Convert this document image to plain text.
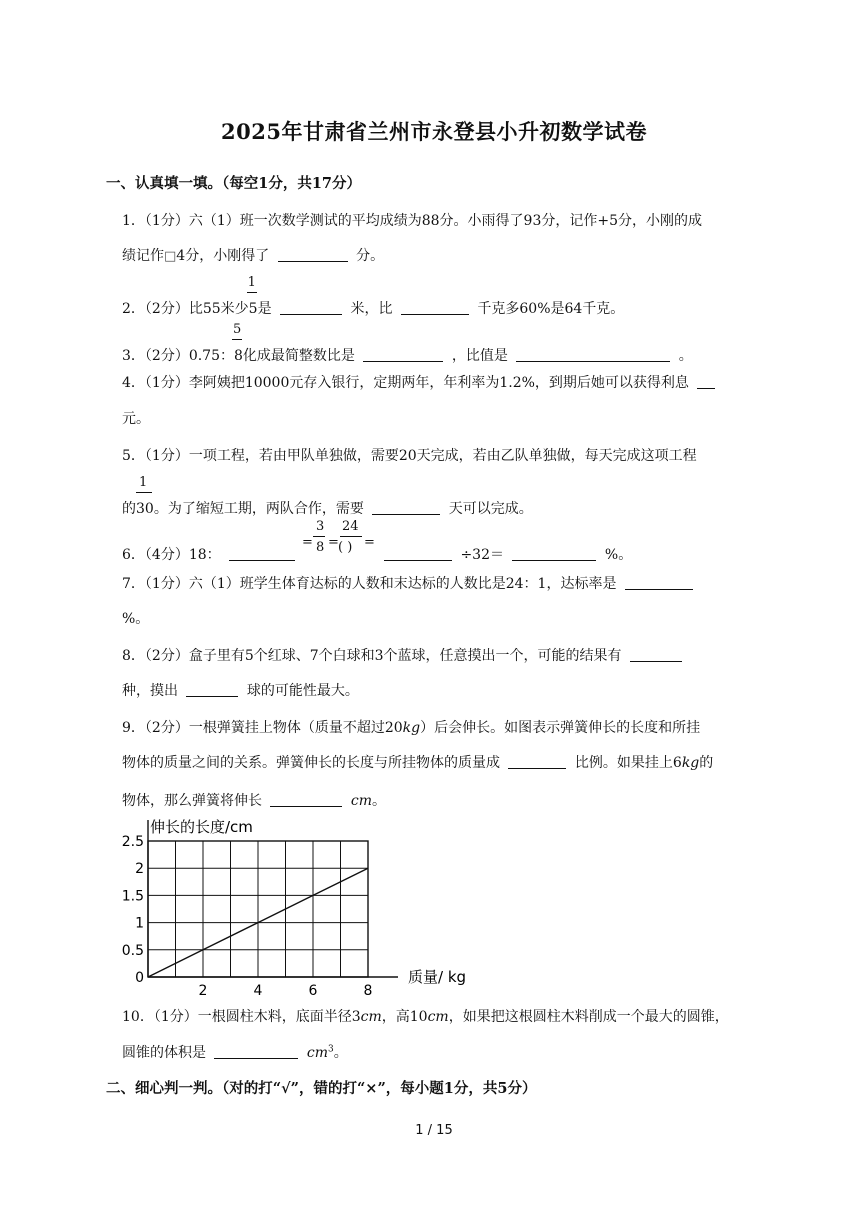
2025年甘肃省兰州市永登县小升初数学试卷
一、认真填一填。（每空1分，共17分）
1．（1分）六（1）班一次数学测试的平均成绩为88分。小雨得了93分，记作+5分，小刚的成
绩记作□4分，小刚得了	分。
2．（2分）比55米少 $\frac{1}{5}$是	米，比	千克多60%是64千克。
3．（2分）0.75： $\frac{5}{8}$化成最简整数比是	，比值是	。
4．（1分）李阿姨把10000元存入银行，定期两年，年利率为1.2%，到期后她可以获得利息
元。
5．（1分）一项工程，若由甲队单独做，需要20天完成，若由乙队单独做，每天完成这项工程
的 $\frac{1}{30}$。为了缩短工期，两队合作，需要	天可以完成。
6．（4分）18：
=
3
8 =
24
( ) =
÷32＝	%。
7．（1分）六（1）班学生体育达标的人数和末达标的人数比是24：1，达标率是
%。
8．（2分）盒子里有5个红球、7个白球和3个蓝球，任意摸出一个，可能的结果有
种，摸出	球的可能性最大。
9．（2分）一根弹簧挂上物体（质量不超过20kg）后会伸长。如图表示弹簧伸长的长度和所挂
物体的质量之间的关系。弹簧伸长的长度与所挂物体的质量成	比例。如果挂上6kg的
物体，那么弹簧将伸长	cm。
2	4	6	8
0
0.5
1
1.5
2
2.5
伸长的长度/cm
质量/ kg
10．（1分）一根圆柱木料，底面半径3cm，高10cm，如果把这根圆柱木料削成一个最大的圆锥，
圆锥的体积是	$cm^3$。
二、细心判一判。（对的打“√”，错的打“×”，每小题1分，共5分）
1 / 15
